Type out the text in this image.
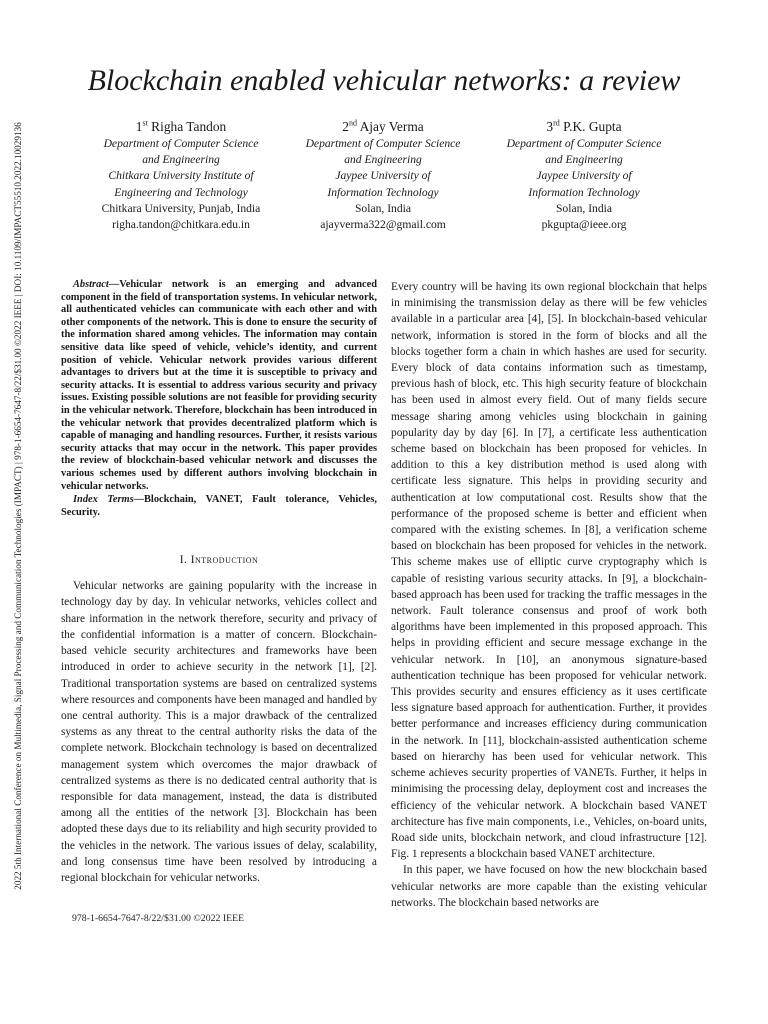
2022 5th International Conference on Multimedia, Signal Processing and Communication Technologies (IMPACT) | 978-1-6654-7647-8/22/$31.00 ©2022 IEEE | DOI: 10.1109/IMPACT55510.2022.10029136
Blockchain enabled vehicular networks: a review
1st Righa Tandon
Department of Computer Science
and Engineering
Chitkara University Institute of
Engineering and Technology
Chitkara University, Punjab, India
righa.tandon@chitkara.edu.in
2nd Ajay Verma
Department of Computer Science
and Engineering
Jaypee University of
Information Technology
Solan, India
ajayverma322@gmail.com
3rd P.K. Gupta
Department of Computer Science
and Engineering
Jaypee University of
Information Technology
Solan, India
pkgupta@ieee.org

Abstract—Vehicular network is an emerging and advanced component in the field of transportation systems. In vehicular network, all authenticated vehicles can communicate with each other and with other components of the network. This is done to ensure the security of the information shared among vehicles. The information may contain sensitive data like speed of vehicle, vehicle’s identity, and current position of vehicle. Vehicular network provides various different advantages to drivers but at the time it is susceptible to privacy and security attacks. It is essential to address various security and privacy issues. Existing possible solutions are not feasible for providing security in the vehicular network. Therefore, blockchain has been introduced in the vehicular network that provides decentralized platform which is capable of managing and handling resources. Further, it resists various security attacks that may occur in the network. This paper provides the review of blockchain-based vehicular network and discusses the various schemes used by different authors involving blockchain in vehicular networks.

Index Terms—Blockchain, VANET, Fault tolerance, Vehicles, Security.

I. Introduction

Vehicular networks are gaining popularity with the increase in technology day by day. In vehicular networks, vehicles collect and share information in the network therefore, security and privacy of the confidential information is a matter of concern. Blockchain-based vehicle security architectures and frameworks have been introduced in order to achieve security in the network [1], [2]. Traditional transportation systems are based on centralized systems where resources and components have been managed and handled by one central authority. This is a major drawback of the centralized systems as any threat to the central authority risks the data of the complete network. Blockchain technology is based on decentralized management system which overcomes the major drawback of centralized systems as there is no dedicated central authority that is responsible for data management, instead, the data is distributed among all the entities of the network [3]. Blockchain has been adopted these days due to its reliability and high security provided to the vehicles in the network. The various issues of delay, scalability, and long consensus time have been resolved by introducing a regional blockchain for vehicular networks.

Every country will be having its own regional blockchain that helps in minimising the transmission delay as there will be few vehicles available in a particular area [4], [5]. In blockchain-based vehicular network, information is stored in the form of blocks and all the blocks together form a chain in which hashes are used for security. Every block of data contains information such as timestamp, previous hash of block, etc. This high security feature of blockchain has been used in almost every field. Out of many fields secure message sharing among vehicles using blockchain in gaining popularity day by day [6]. In [7], a certificate less authentication scheme based on blockchain has been proposed for vehicles. In addition to this a key distribution method is used along with certificate less signature. This helps in providing security and authentication at low computational cost. Results show that the performance of the proposed scheme is better and efficient when compared with the existing schemes. In [8], a verification scheme based on blockchain has been proposed for vehicles in the network. This scheme makes use of elliptic curve cryptography which is capable of resisting various security attacks. In [9], a blockchain-based approach has been used for tracking the traffic messages in the network. Fault tolerance consensus and proof of work both algorithms have been implemented in this proposed approach. This helps in providing efficient and secure message exchange in the vehicular network. In [10], an anonymous signature-based authentication technique has been proposed for vehicular network. This provides security and ensures efficiency as it uses certificate less signature based approach for authentication. Further, it provides better performance and increases efficiency during communication in the network. In [11], blockchain-assisted authentication scheme based on hierarchy has been used for vehicular network. This scheme achieves security properties of VANETs. Further, it helps in minimising the processing delay, deployment cost and increases the efficiency of the vehicular network. A blockchain based VANET architecture has five main components, i.e., Vehicles, on-board units, Road side units, blockchain network, and cloud infrastructure [12]. Fig. 1 represents a blockchain based VANET architecture.

In this paper, we have focused on how the new blockchain based vehicular networks are more capable than the existing vehicular networks. The blockchain based networks are

978-1-6654-7647-8/22/$31.00 ©2022 IEEE
